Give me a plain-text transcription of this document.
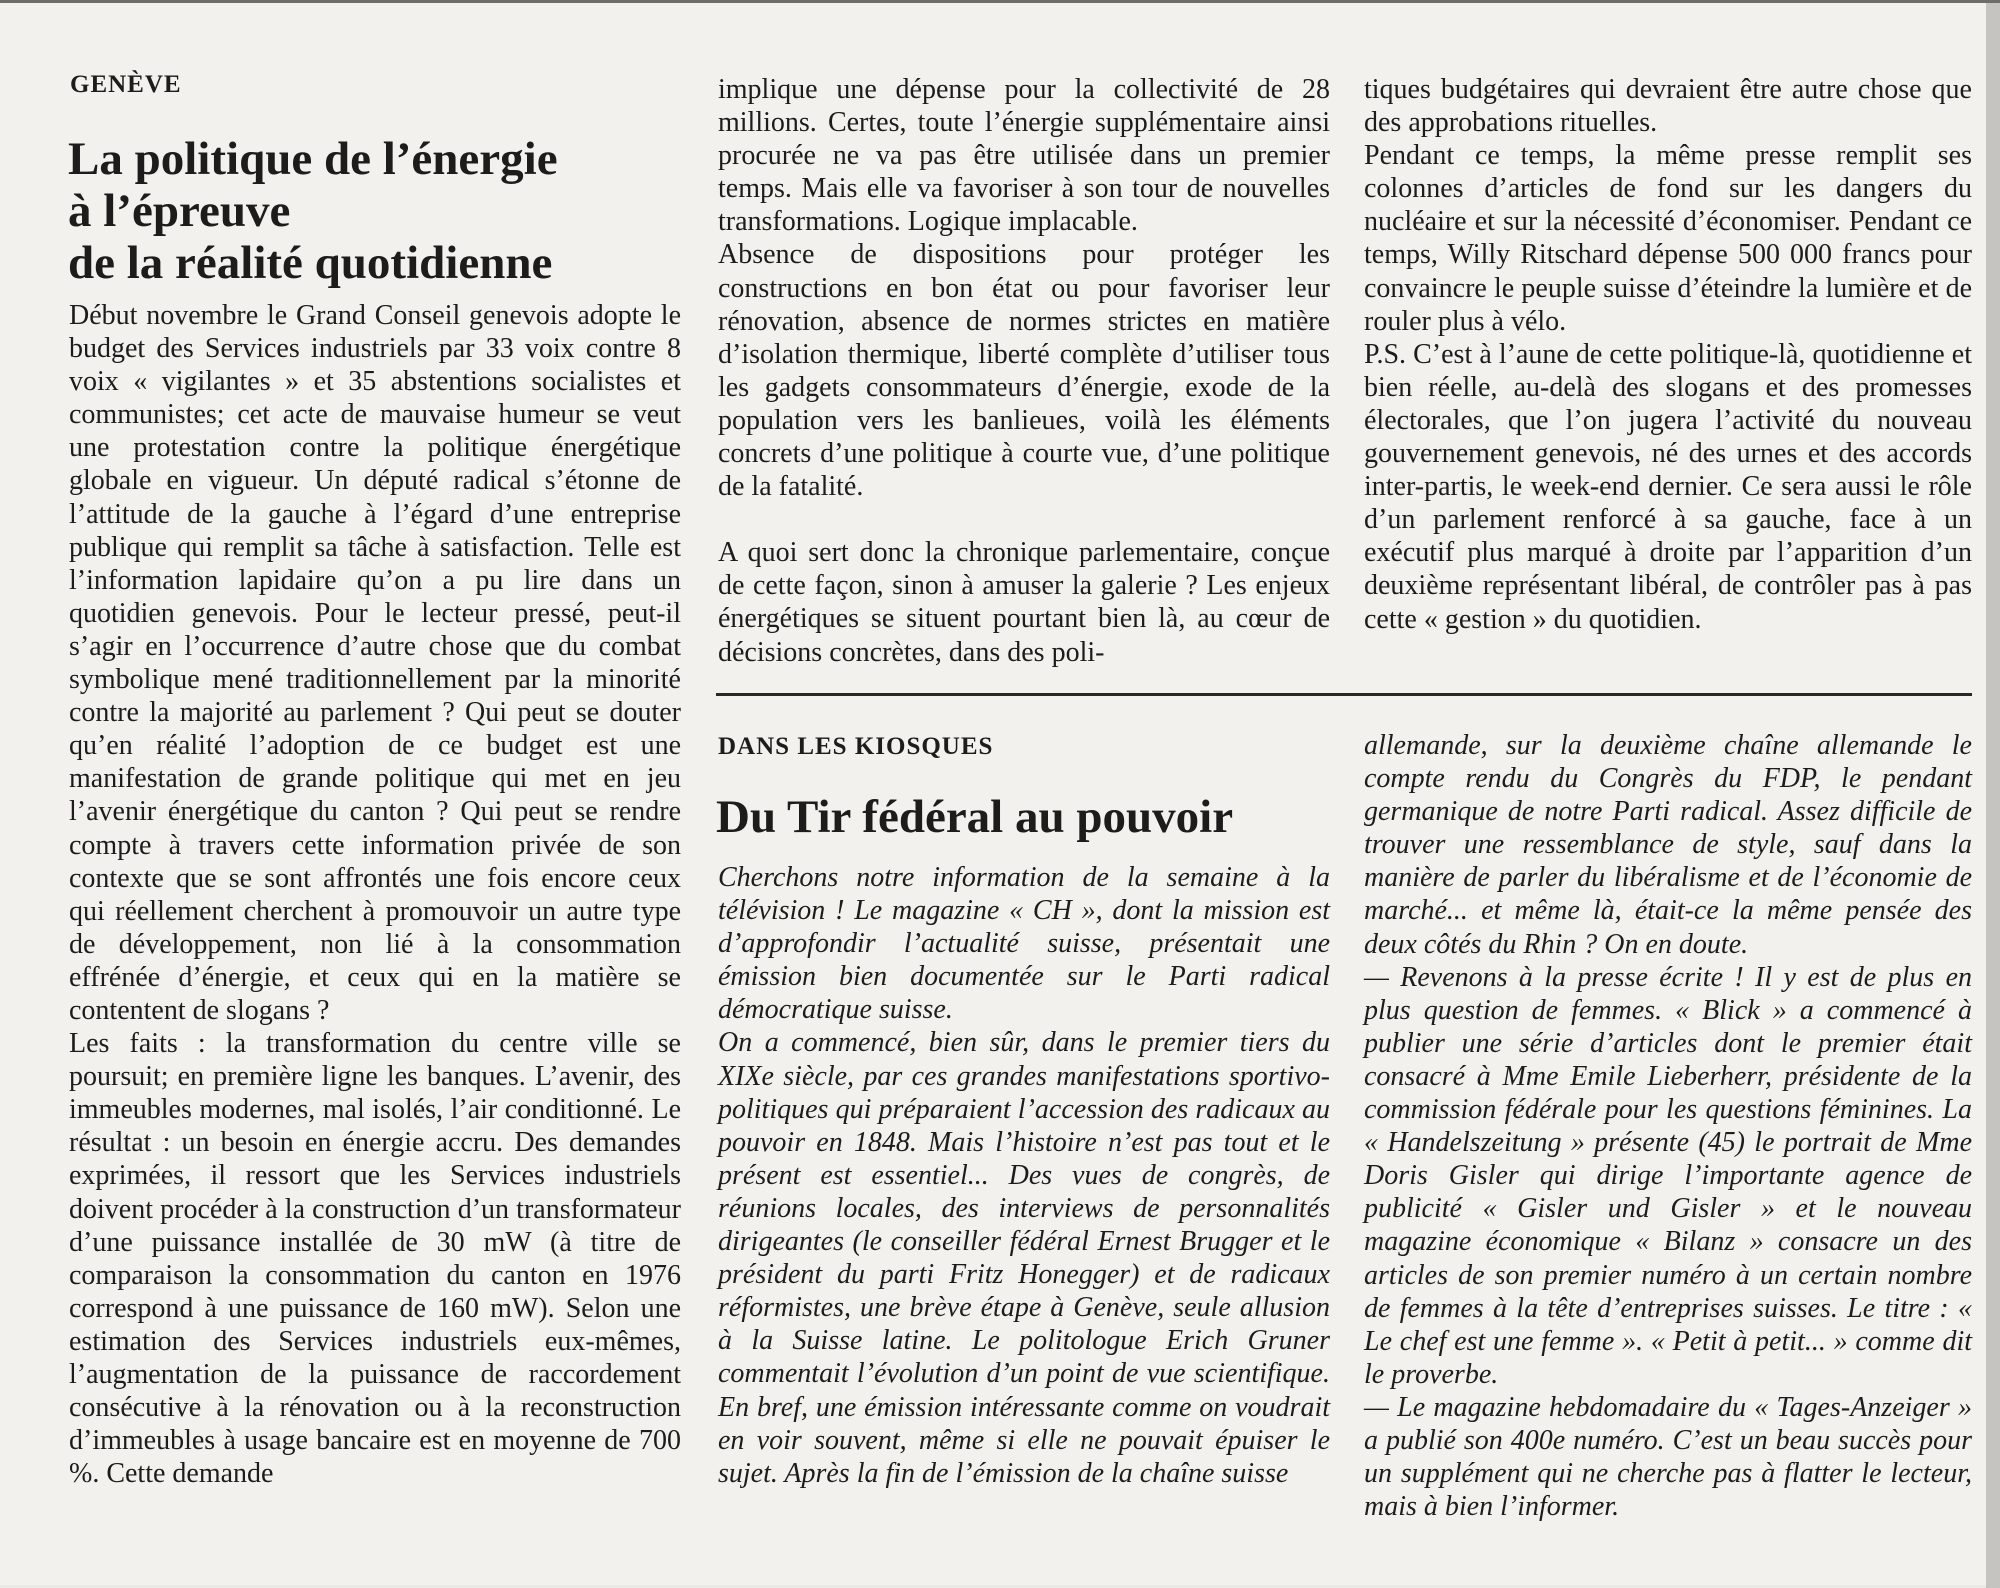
GENÈVE
La politique de l’énergie
à l’épreuve
de la réalité quotidienne

Début novembre le Grand Conseil genevois adopte le budget des Services industriels par 33 voix contre 8 voix « vigilantes » et 35 abstentions socialistes et communistes; cet acte de mauvaise humeur se veut une protestation contre la politique énergétique globale en vigueur. Un député radical s’étonne de l’attitude de la gauche à l’égard d’une entreprise publique qui remplit sa tâche à satisfaction. Telle est l’information lapidaire qu’on a pu lire dans un quotidien genevois. Pour le lecteur pressé, peut-il s’agir en l’occurrence d’autre chose que du combat symbolique mené traditionnellement par la minorité contre la majorité au parlement ? Qui peut se douter qu’en réalité l’adoption de ce budget est une manifestation de grande politique qui met en jeu l’avenir énergétique du canton ? Qui peut se rendre compte à travers cette information privée de son contexte que se sont affrontés une fois encore ceux qui réellement cherchent à promouvoir un autre type de développement, non lié à la consommation effrénée d’énergie, et ceux qui en la matière se contentent de slogans ?

Les faits : la transformation du centre ville se poursuit; en première ligne les banques. L’avenir, des immeubles modernes, mal isolés, l’air conditionné. Le résultat : un besoin en énergie accru. Des demandes exprimées, il ressort que les Services industriels doivent procéder à la construction d’un transformateur d’une puissance installée de 30 mW (à titre de comparaison la consommation du canton en 1976 correspond à une puissance de 160 mW). Selon une estimation des Services industriels eux-mêmes, l’augmentation de la puissance de raccordement consécutive à la rénovation ou à la reconstruction d’immeubles à usage bancaire est en moyenne de 700 %. Cette demande

implique une dépense pour la collectivité de 28 millions. Certes, toute l’énergie supplémentaire ainsi procurée ne va pas être utilisée dans un premier temps. Mais elle va favoriser à son tour de nouvelles transformations. Logique implacable.

Absence de dispositions pour protéger les constructions en bon état ou pour favoriser leur rénovation, absence de normes strictes en matière d’isolation thermique, liberté complète d’utiliser tous les gadgets consommateurs d’énergie, exode de la population vers les banlieues, voilà les éléments concrets d’une politique à courte vue, d’une politique de la fatalité.

A quoi sert donc la chronique parlementaire, conçue de cette façon, sinon à amuser la galerie ? Les enjeux énergétiques se situent pourtant bien là, au cœur de décisions concrètes, dans des poli-

tiques budgétaires qui devraient être autre chose que des approbations rituelles.

Pendant ce temps, la même presse remplit ses colonnes d’articles de fond sur les dangers du nucléaire et sur la nécessité d’économiser. Pendant ce temps, Willy Ritschard dépense 500 000 francs pour convaincre le peuple suisse d’éteindre la lumière et de rouler plus à vélo.

P.S. C’est à l’aune de cette politique-là, quotidienne et bien réelle, au-delà des slogans et des promesses électorales, que l’on jugera l’activité du nouveau gouvernement genevois, né des urnes et des accords inter-partis, le week-end dernier. Ce sera aussi le rôle d’un parlement renforcé à sa gauche, face à un exécutif plus marqué à droite par l’apparition d’un deuxième représentant libéral, de contrôler pas à pas cette « gestion » du quotidien.

DANS LES KIOSQUES
Du Tir fédéral au pouvoir

Cherchons notre information de la semaine à la télévision ! Le magazine « CH », dont la mission est d’approfondir l’actualité suisse, présentait une émission bien documentée sur le Parti radical démocratique suisse.

On a commencé, bien sûr, dans le premier tiers du XIXe siècle, par ces grandes manifestations sportivo-politiques qui préparaient l’accession des radicaux au pouvoir en 1848. Mais l’histoire n’est pas tout et le présent est essentiel... Des vues de congrès, de réunions locales, des interviews de personnalités dirigeantes (le conseiller fédéral Ernest Brugger et le président du parti Fritz Honegger) et de radicaux réformistes, une brève étape à Genève, seule allusion à la Suisse latine. Le politologue Erich Gruner commentait l’évolution d’un point de vue scientifique. En bref, une émission intéressante comme on voudrait en voir souvent, même si elle ne pouvait épuiser le sujet. Après la fin de l’émission de la chaîne suisse

allemande, sur la deuxième chaîne allemande le compte rendu du Congrès du FDP, le pendant germanique de notre Parti radical. Assez difficile de trouver une ressemblance de style, sauf dans la manière de parler du libéralisme et de l’économie de marché... et même là, était-ce la même pensée des deux côtés du Rhin ? On en doute.

— Revenons à la presse écrite ! Il y est de plus en plus question de femmes. « Blick » a commencé à publier une série d’articles dont le premier était consacré à Mme Emile Lieberherr, présidente de la commission fédérale pour les questions féminines. La « Handelszeitung » présente (45) le portrait de Mme Doris Gisler qui dirige l’importante agence de publicité « Gisler und Gisler » et le nouveau magazine économique « Bilanz » consacre un des articles de son premier numéro à un certain nombre de femmes à la tête d’entreprises suisses. Le titre : « Le chef est une femme ». « Petit à petit... » comme dit le proverbe.

— Le magazine hebdomadaire du « Tages-Anzeiger » a publié son 400e numéro. C’est un beau succès pour un supplément qui ne cherche pas à flatter le lecteur, mais à bien l’informer.
